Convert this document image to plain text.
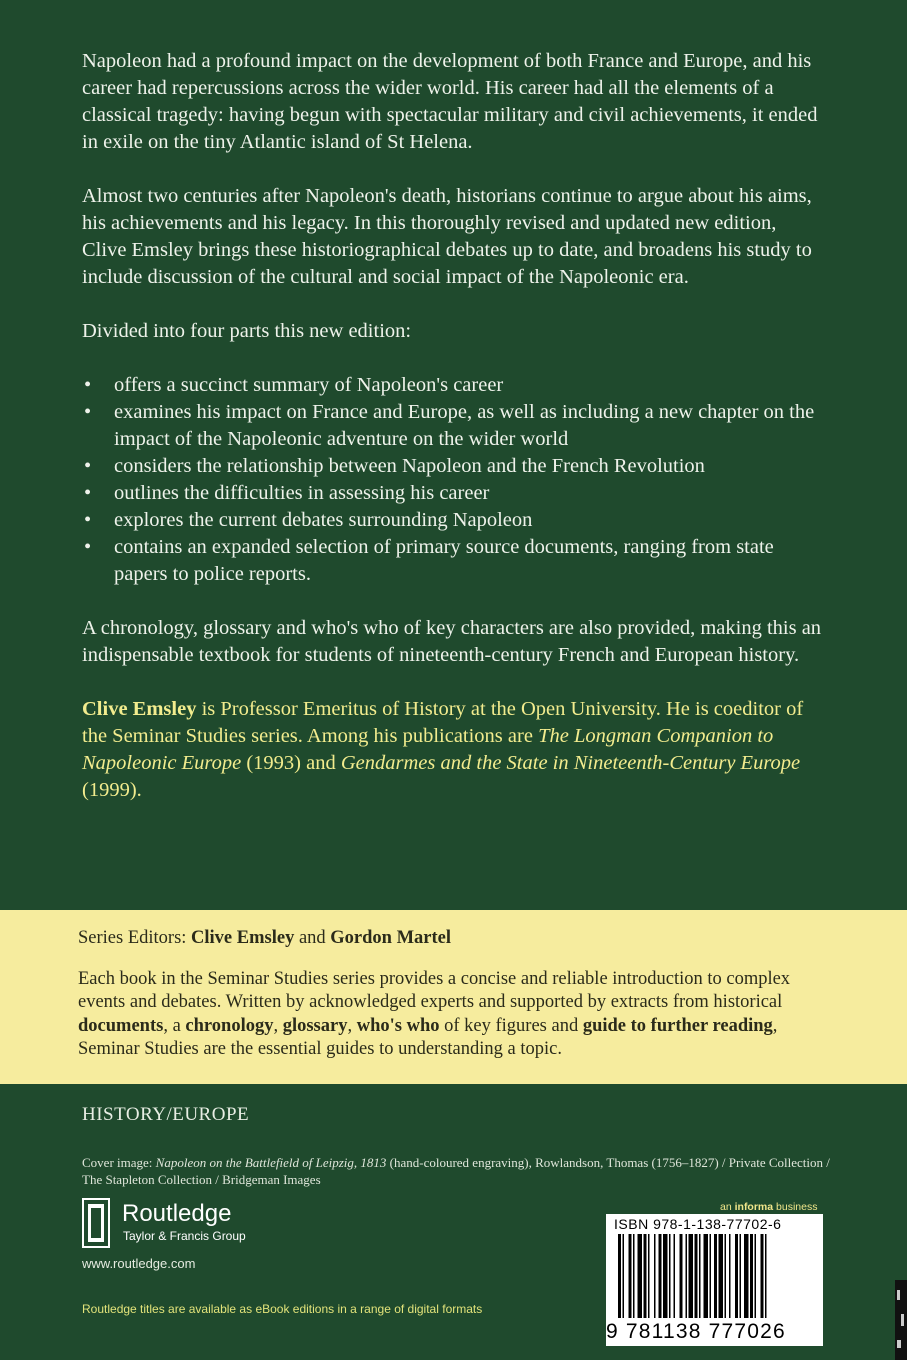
Napoleon had a profound impact on the development of both France and Europe, and his career had repercussions across the wider world. His career had all the elements of a classical tragedy: having begun with spectacular military and civil achievements, it ended in exile on the tiny Atlantic island of St Helena.

Almost two centuries after Napoleon's death, historians continue to argue about his aims, his achievements and his legacy. In this thoroughly revised and updated new edition, Clive Emsley brings these historiographical debates up to date, and broadens his study to include discussion of the cultural and social impact of the Napoleonic era.

Divided into four parts this new edition:

• offers a succinct summary of Napoleon's career
• examines his impact on France and Europe, as well as including a new chapter on the impact of the Napoleonic adventure on the wider world
• considers the relationship between Napoleon and the French Revolution
• outlines the difficulties in assessing his career
• explores the current debates surrounding Napoleon
• contains an expanded selection of primary source documents, ranging from state papers to police reports.

A chronology, glossary and who's who of key characters are also provided, making this an indispensable textbook for students of nineteenth-century French and European history.

Clive Emsley is Professor Emeritus of History at the Open University. He is coeditor of the Seminar Studies series. Among his publications are The Longman Companion to Napoleonic Europe (1993) and Gendarmes and the State in Nineteenth-Century Europe (1999).

Series Editors: Clive Emsley and Gordon Martel

Each book in the Seminar Studies series provides a concise and reliable introduction to complex events and debates. Written by acknowledged experts and supported by extracts from historical documents, a chronology, glossary, who's who of key figures and guide to further reading, Seminar Studies are the essential guides to understanding a topic.

HISTORY/EUROPE
Cover image: Napoleon on the Battlefield of Leipzig, 1813 (hand-coloured engraving), Rowlandson, Thomas (1756–1827) / Private Collection / The Stapleton Collection / Bridgeman Images
Routledge
Taylor & Francis Group
www.routledge.com
Routledge titles are available as eBook editions in a range of digital formats
an informa business
ISBN 978-1-138-77702-6
9 781138 777026
